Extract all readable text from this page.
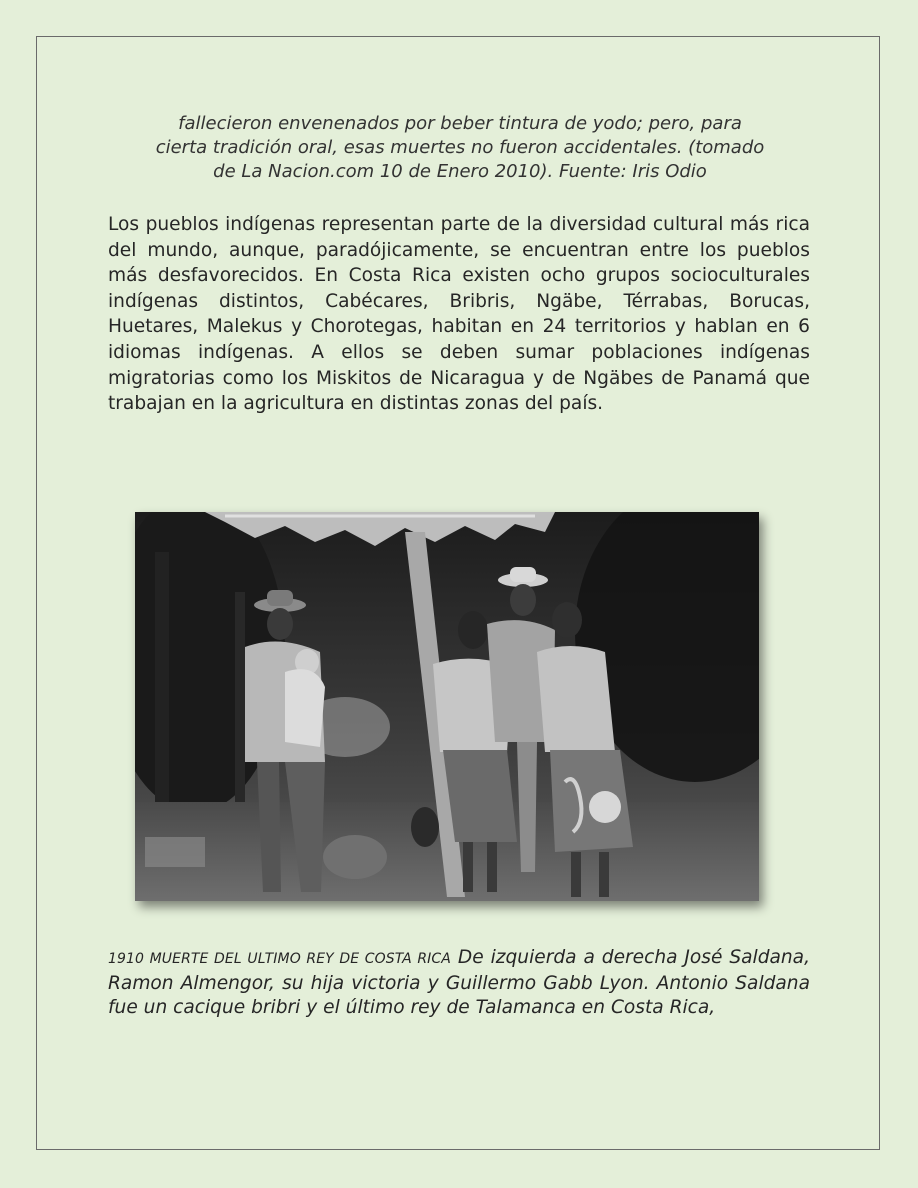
fallecieron envenenados por beber tintura de yodo; pero, para
cierta tradición oral, esas muertes no fueron accidentales. (tomado
de La Nacion.com 10 de Enero 2010). Fuente: Iris Odio

Los pueblos indígenas representan parte de la diversidad cultural más rica del mundo, aunque, paradójicamente, se encuentran entre los pueblos más desfavorecidos. En Costa Rica existen ocho grupos socioculturales indígenas distintos, Cabécares, Bribris, Ngäbe, Térrabas, Borucas, Huetares, Malekus y Chorotegas, habitan en 24 territorios y hablan en 6 idiomas indígenas. A ellos se deben sumar poblaciones indígenas migratorias como los Miskitos de Nicaragua y de Ngäbes de Panamá que trabajan en la agricultura en distintas zonas del país.

1910 MUERTE DEL ULTIMO REY DE COSTA RICA De izquierda a derecha José Saldana, Ramon Almengor, su hija victoria y Guillermo Gabb Lyon. Antonio Saldana fue un cacique bribri y el último rey de Talamanca en Costa Rica,
